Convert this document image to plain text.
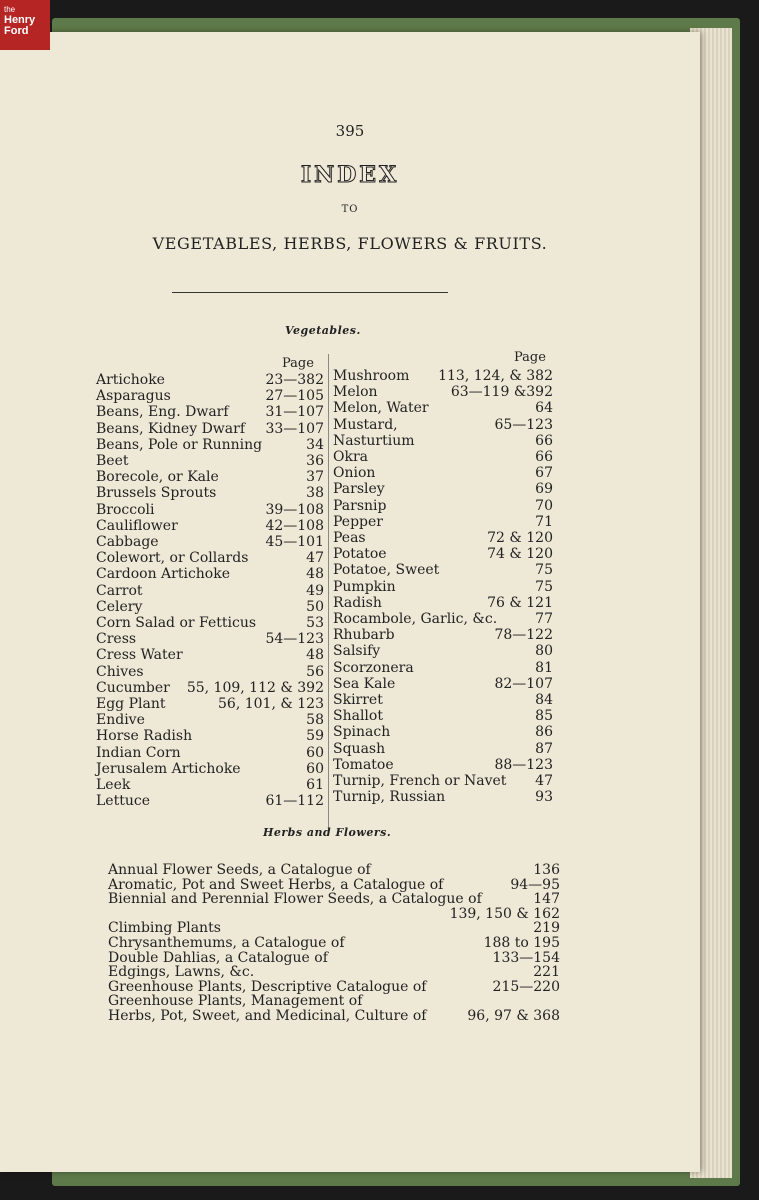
395
INDEX
TO
VEGETABLES, HERBS, FLOWERS & FRUITS.
Vegetables.
Page	Page
Artichoke	23—382
Asparagus	27—105
Beans, Eng. Dwarf	31—107
Beans, Kidney Dwarf 33—107
Beans, Pole or Running	34
Beet	36
Borecole, or Kale	37
Brussels Sprouts	38
Broccoli	39—108
Cauliflower	42—108
Cabbage	45—101
Colewort, or Collards	47
Cardoon Artichoke	48
Carrot	49
Celery	50
Corn Salad or Fetticus	53
Cress	54—123
Cress Water	48
Chives	56
Cucumber 55, 109, 112 & 392
Egg Plant	56, 101, & 123
Endive	58
Horse Radish	59
Indian Corn	60
Jerusalem Artichoke	60
Leek	61
Lettuce	61—112
Mushroom 113, 124, & 382
Melon	63—119 &392
Melon, Water	64
Mustard,	65—123
Nasturtium	66
Okra	66
Onion	67
Parsley	69
Parsnip	70
Pepper	71
Peas	72 & 120
Potatoe	74 & 120
Potatoe, Sweet	75
Pumpkin	75
Radish	76 & 121
Rocambole, Garlic, &c.	77
Rhubarb	78—122
Salsify	80
Scorzonera	81
Sea Kale	82—107
Skirret	84
Shallot	85
Spinach	86
Squash	87
Tomatoe	88—123
Turnip, French or Navet 47
Turnip, Russian	93
Herbs and Flowers.
Annual Flower Seeds, a Catalogue of	136
Aromatic, Pot and Sweet Herbs, a Catalogue of	94—95
Biennial and Perennial Flower Seeds, a Catalogue of	147
139, 150 & 162
Climbing Plants	219
Chrysanthemums, a Catalogue of	188 to 195
Double Dahlias, a Catalogue of	133—154
Edgings, Lawns, &c.	221
Greenhouse Plants, Descriptive Catalogue of	215—220
Greenhouse Plants, Management of
Herbs, Pot, Sweet, and Medicinal, Culture of	96, 97 & 368
the
Henry
Ford
